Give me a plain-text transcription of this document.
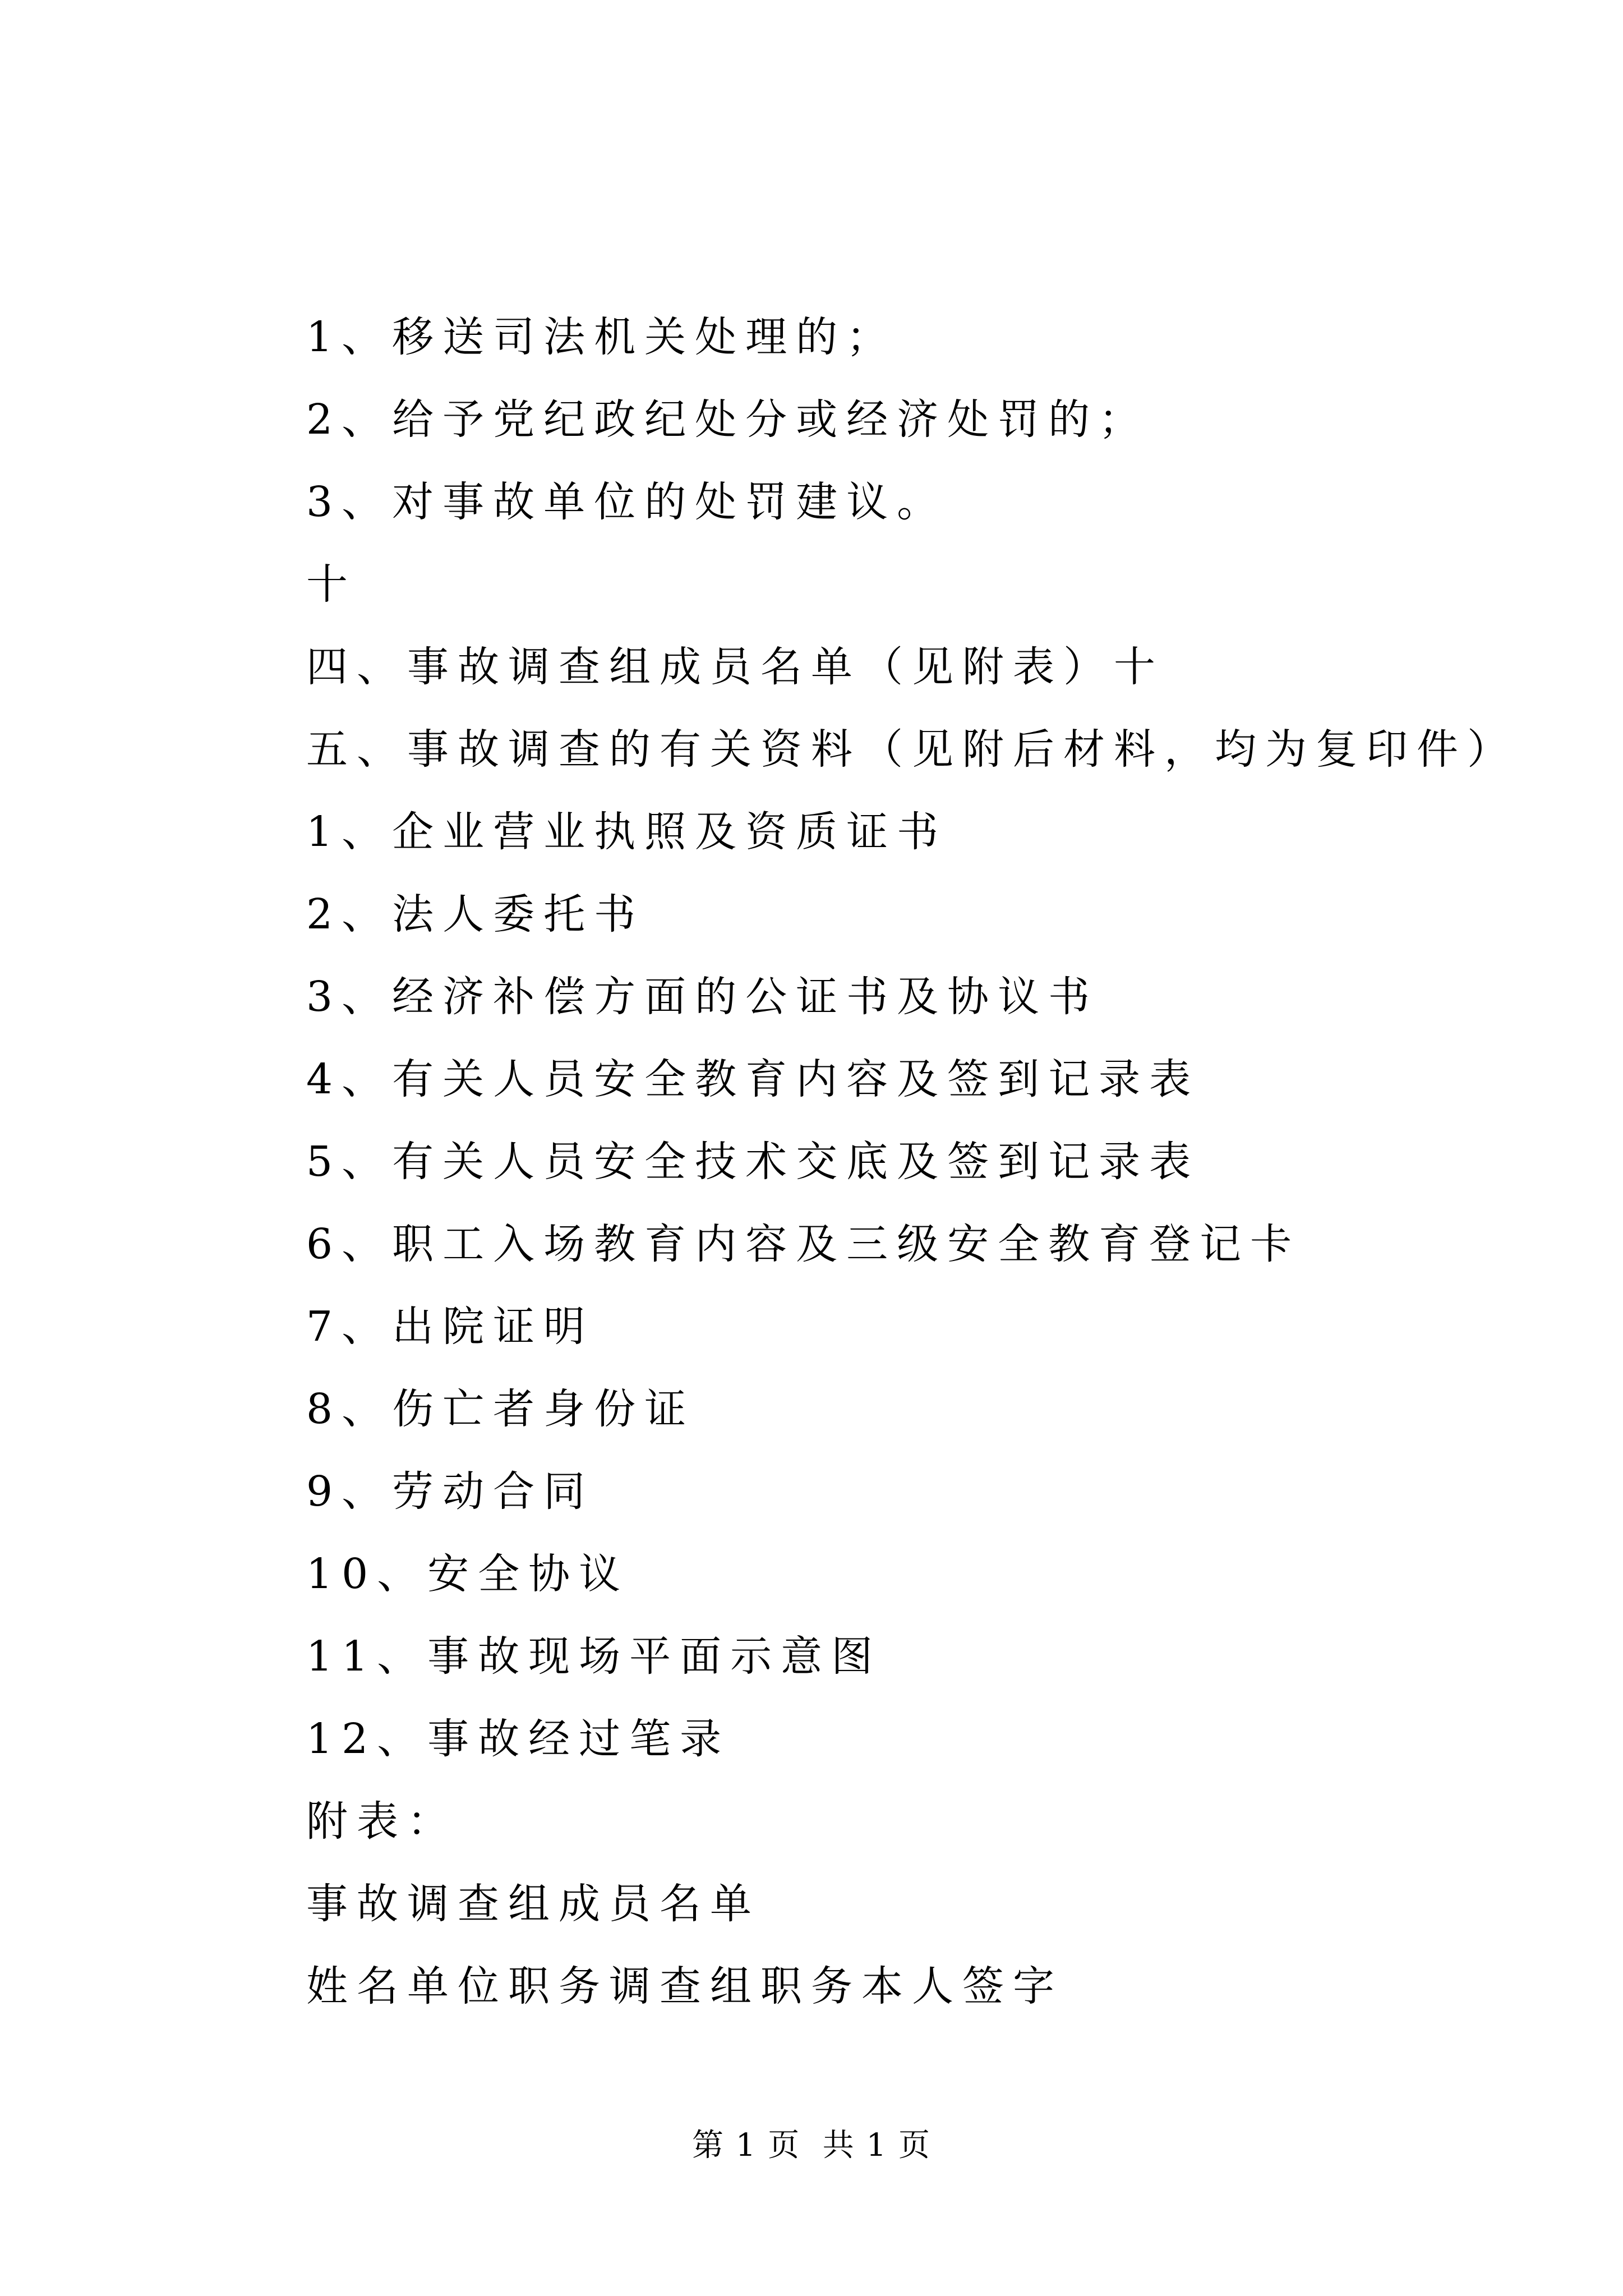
1、移送司法机关处理的；

2、给予党纪政纪处分或经济处罚的；

3、对事故单位的处罚建议。

十

四、事故调查组成员名单（见附表）十

五、事故调查的有关资料（见附后材料，均为复印件）

1、企业营业执照及资质证书

2、法人委托书

3、经济补偿方面的公证书及协议书

4、有关人员安全教育内容及签到记录表

5、有关人员安全技术交底及签到记录表

6、职工入场教育内容及三级安全教育登记卡

7、出院证明

8、伤亡者身份证

9、劳动合同

10、安全协议

11、事故现场平面示意图

12、事故经过笔录

附表：

事故调查组成员名单

姓名单位职务调查组职务本人签字

第 1 页  共 1 页
